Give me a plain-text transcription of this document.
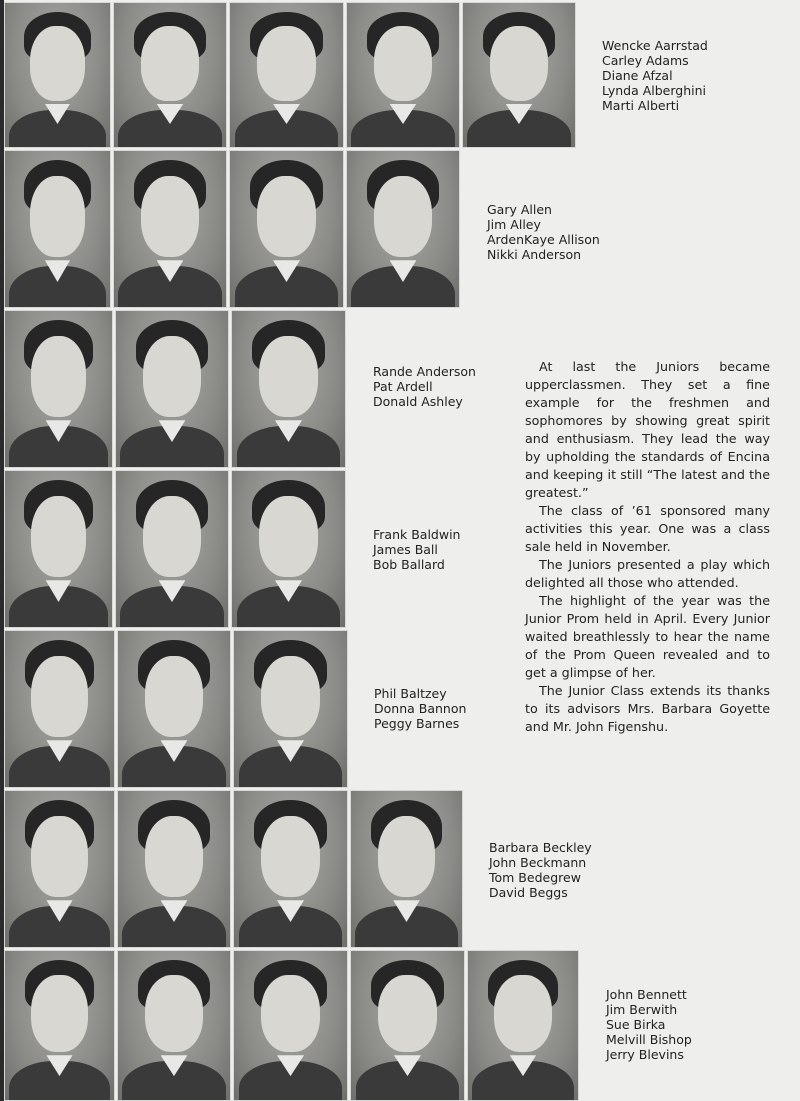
Wencke Aarrstad
Carley Adams
Diane Afzal
Lynda Alberghini
Marti Alberti
Gary Allen
Jim Alley
ArdenKaye Allison
Nikki Anderson
Rande Anderson
Pat Ardell
Donald Ashley
Frank Baldwin
James Ball
Bob Ballard
Phil Baltzey
Donna Bannon
Peggy Barnes
Barbara Beckley
John Beckmann
Tom Bedegrew
David Beggs
John Bennett
Jim Berwith
Sue Birka
Melvill Bishop
Jerry Blevins

At last the Juniors became upperclassmen. They set a fine example for the freshmen and sophomores by showing great spirit and enthusiasm. They lead the way by upholding the standards of Encina and keeping it still “The latest and the greatest.”

The class of ’61 sponsored many activities this year. One was a class sale held in November.

The Juniors presented a play which delighted all those who attended.

The highlight of the year was the Junior Prom held in April. Every Junior waited breathlessly to hear the name of the Prom Queen revealed and to get a glimpse of her.

The Junior Class extends its thanks to its advisors Mrs. Barbara Goyette and Mr. John Figenshu.
